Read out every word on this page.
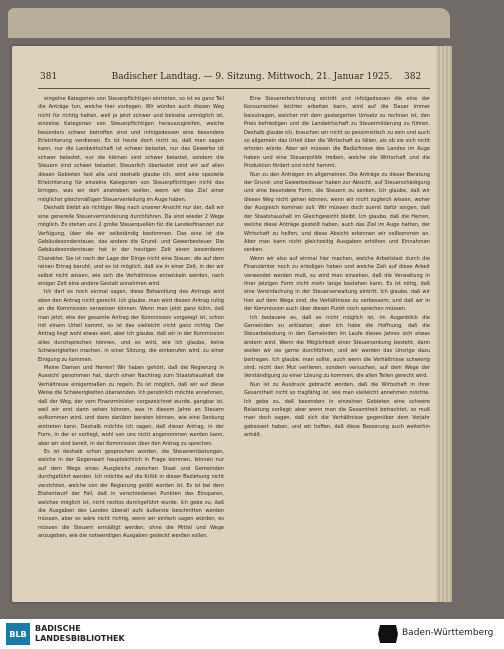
381	Badischer Landtag. — 9. Sitzung. Mittwoch, 21. Januar 1925.	382

eingelne Kategorien von Steuerpflichtigen eintreten, so ist es ganz Teil die Anträge tun, welche hier vorliegen. Wir würden auch diesen Weg nicht für richtig halten, weil ja jetzt schwer und beinahe unmöglich ist, einzelne Kategorien von Steuerpflichtigen herauszugreifen, welche besonders schwer betroffen sind und infolgedessen eine besondere Erleichterung verdienen. Es ist heute doch nicht so, daß man sagen kann, nur die Landwirtschaft ist schwer belastet, nur das Gewerbe ist schwer belastet, nur die kleinen sind schwer belastet, sondern die Steuern sind schwer belastet. Steuerlich überlastet sind wir auf allen diesen Gebieten fast alle und deshalb glaube ich, wird eine spezielle Erleichterung für einzelne Kategorien von Steuerpflichtigen nicht das bringen, was wir dort anstreben wollen, wenn wir das Ziel einer möglichst gleichmäßigen Steuerverteilung im Auge haben.

Deshalb bleibt als richtiger Weg nach unserer Ansicht nur der, daß wir eine generelle Steuerverminderung durchführen. Da sind wieder 2 Wege möglich. Es stehen uns 2 große Steuerquellen für die Landesfinanzen zur Verfügung, über die wir selbständig bestimmen. Das eine ist die Gebäudesondersteuer, das andere die Grund- und Gewerbesteuer. Die Gebäudesondersteuer hat in der heutigen Zeit einen besonderen Charakter. Sie ist nach der Lage der Dinge nicht eine Steuer, die auf dem reinen Ertrag beruht, und es ist möglich, daß sie in einer Zeit, in der wir selbst nicht wissen, wie sich die Verhältnisse entwickeln werden, nach einiger Zeit eine andere Gestalt annehmen wird.

Ich darf es noch einmal sagen, diese Behandlung des Antrags wird eben den Antrag nicht gerecht. Ich glaube, man wird diesen Antrag ruhig an die Kommission verweisen können. Wenn man jetzt ganz kühn, daß man jetzt, ehe der gesamte Antrag der Kommission vorgelegt ist, schon mit einem Urteil kommt, so ist das vielleicht nicht ganz richtig. Der Antrag liegt wohl etwas weit, aber ich glaube, daß wir in der Kommission alles durchsprechen können, und es wird, wie ich glaube, keine Schwierigkeiten machen, in einer Sitzung, die einberufen wird, zu einer Einigung zu kommen.

Meine Damen und Herren! Wir haben gehört, daß die Regierung in Aussicht genommen hat, durch einen Nachtrag zum Staatshaushalt die Verhältnisse einigermaßen zu regeln. Es ist möglich, daß wir auf diese Weise die Schwierigkeiten überwinden. Ich persönlich möchte annehmen, daß der Weg, der vom Finanzminister vorgezeichnet wurde, gangbar ist, weil wir erst dann sehen können, was in diesem Jahre an Steuern aufkommen wird, und dann darüber beraten können, wie eine Senkung eintreten kann. Deshalb möchte ich sagen, daß dieser Antrag, in der Form, in der er vorliegt, wohl von uns nicht angenommen werden kann, aber wir sind bereit, in der Kommission über den Antrag zu sprechen.

Es ist deshalb schon gesprochen worden, die Steuerentlastungen, welche in der Gegenwart hauptsächlich in Frage kommen, können nur auf dem Wege eines Ausgleichs zwischen Staat und Gemeinden durchgeführt werden. Ich möchte auf die Kritik in dieser Beziehung nicht verzichten, welche von der Regierung geübt worden ist. Es ist bei dem Etatentwurf der Fall, daß in verschiedenen Punkten das Einsparen, welches möglich ist, nicht restlos durchgeführt wurde. Ich gebe zu, daß die Ausgaben des Landes überall aufs äußerste beschnitten werden müssen, aber es wäre nicht richtig, wenn wir einfach sagen würden, es müssen die Steuern ermäßigt werden, ohne die Mittel und Wege anzugeben, wie die notwendigen Ausgaben gedeckt werden sollen.

Eine Steuererleichterung eintritt und infolgedessen die eine der Konsumenten leichter arbeiten kann, wird auf die Dauer immer beizutragen, welcher mit dem gesteigerten Umsatz zu rechnen ist, den Preis befriedigen und die Landwirtschaft zu Steuermilderung zu führen. Deshalb glaube ich, brauchen wir nicht so pessimistisch zu sein und auch so allgemein das Urteil über die Wirtschaft zu fällen, als ob sie sich nicht erholen würde. Aber wir müssen die Bedürfnisse des Landes im Auge haben und eine Steuerpolitik treiben, welche die Wirtschaft und die Produktion fördert und nicht hemmt.

Nun zu den Anträgen im allgemeinen. Die Anträge zu dieser Beratung der Grund- und Gewerbesteuer haben zur Absicht, auf Steuerschädigung und eine besondere Form, die Steuern zu senken. Ich glaube, daß wir diesen Weg nicht gehen können, wenn wir nicht zugleich wissen, woher der Ausgleich kommen soll. Wir müssen doch zuerst dafür sorgen, daß der Staatshaushalt im Gleichgewicht bleibt. Ich glaube, daß die Herren, welche diese Anträge gestellt haben, auch das Ziel im Auge hatten, der Wirtschaft zu helfen, und diese Absicht erkennen wir vollkommen an. Aber man kann nicht gleichzeitig Ausgaben erhöhen und Einnahmen senken.

Wenn wir also auf einmal hier machen, welche Arbeitslast durch die Finanzämter noch zu erledigen haben und welche Zeit auf diese Arbeit verwendet werden muß, so wird man einsehen, daß die Verwaltung in ihrer jetzigen Form nicht mehr lange bestehen kann. Es ist nötig, daß eine Vereinfachung in der Steuerverwaltung eintritt. Ich glaube, daß wir hier auf dem Wege sind, die Verhältnisse zu verbessern, und daß wir in der Kommission auch über diesen Punkt noch sprechen müssen.

Ich bedauere es, daß es nicht möglich ist, im Augenblick die Gemeinden zu entlasten; aber ich habe die Hoffnung, daß die Steuerbelastung in den Gemeinden im Laufe dieses Jahres sich etwas ändern wird. Wenn die Möglichkeit einer Steuersenkung besteht, dann wollen wir sie gerne durchführen, und wir werden das Unsrige dazu beitragen. Ich glaube, man sollte, auch wenn die Verhältnisse schwierig sind, nicht den Mut verlieren, sondern versuchen, auf dem Wege der Verständigung zu einer Lösung zu kommen, die allen Teilen gerecht wird.

Nun ist zu Ausdruck gebracht worden, daß die Wirtschaft in ihrer Gesamtheit nicht so tragfähig ist, wie man vielleicht annehmen möchte. Ich gebe zu, daß besonders in einzelnen Gebieten eine schwere Belastung vorliegt; aber wenn man die Gesamtheit betrachtet, so muß man doch sagen, daß sich die Verhältnisse gegenüber dem Vorjahr gebessert haben, und wir hoffen, daß diese Besserung auch weiterhin anhält.

BLB
BADISCHE
LANDESBIBLIOTHEK
Baden-Württemberg
